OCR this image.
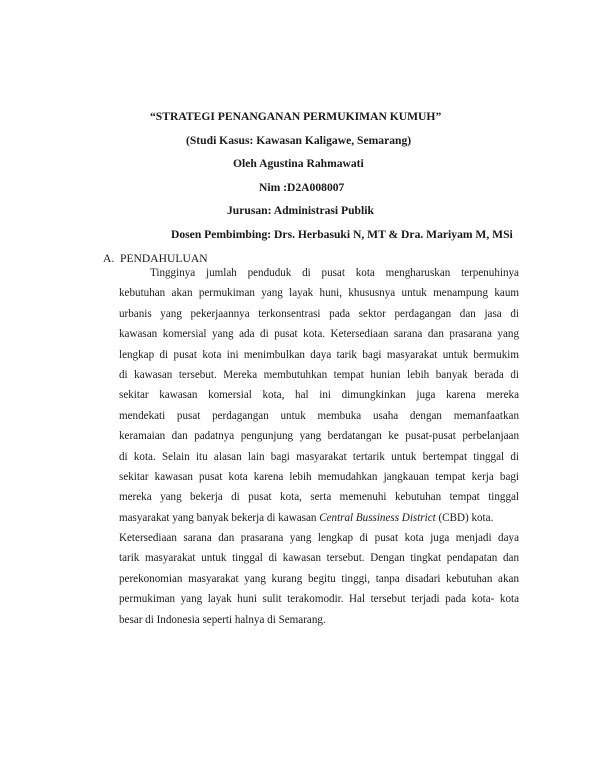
“STRATEGI PENANGANAN PERMUKIMAN KUMUH”
(Studi Kasus: Kawasan Kaligawe, Semarang)
Oleh Agustina Rahmawati
Nim :D2A008007
Jurusan: Administrasi Publik
Dosen Pembimbing: Drs. Herbasuki N, MT & Dra. Mariyam M, MSi
A. PENDAHULUAN
Tingginya jumlah penduduk di pusat kota mengharuskan terpenuhinya
kebutuhan akan permukiman yang layak huni, khususnya untuk menampung kaum
urbanis yang pekerjaannya terkonsentrasi pada sektor perdagangan dan jasa di
kawasan komersial yang ada di pusat kota. Ketersediaan sarana dan prasarana yang
lengkap di pusat kota ini menimbulkan daya tarik bagi masyarakat untuk bermukim
di kawasan tersebut. Mereka membutuhkan tempat hunian lebih banyak berada di
sekitar kawasan komersial kota, hal ini dimungkinkan juga karena mereka
mendekati pusat perdagangan untuk membuka usaha dengan memanfaatkan
keramaian dan padatnya pengunjung yang berdatangan ke pusat-pusat perbelanjaan
di kota. Selain itu alasan lain bagi masyarakat tertarik untuk bertempat tinggal di
sekitar kawasan pusat kota karena lebih memudahkan jangkauan tempat kerja bagi
mereka yang bekerja di pusat kota, serta memenuhi kebutuhan tempat tinggal
masyarakat yang banyak bekerja di kawasan Central Bussiness District (CBD) kota.
Ketersediaan sarana dan prasarana yang lengkap di pusat kota juga menjadi daya
tarik masyarakat untuk tinggal di kawasan tersebut. Dengan tingkat pendapatan dan
perekonomian masyarakat yang kurang begitu tinggi, tanpa disadari kebutuhan akan
permukiman yang layak huni sulit terakomodir. Hal tersebut terjadi pada kota- kota
besar di Indonesia seperti halnya di Semarang.
